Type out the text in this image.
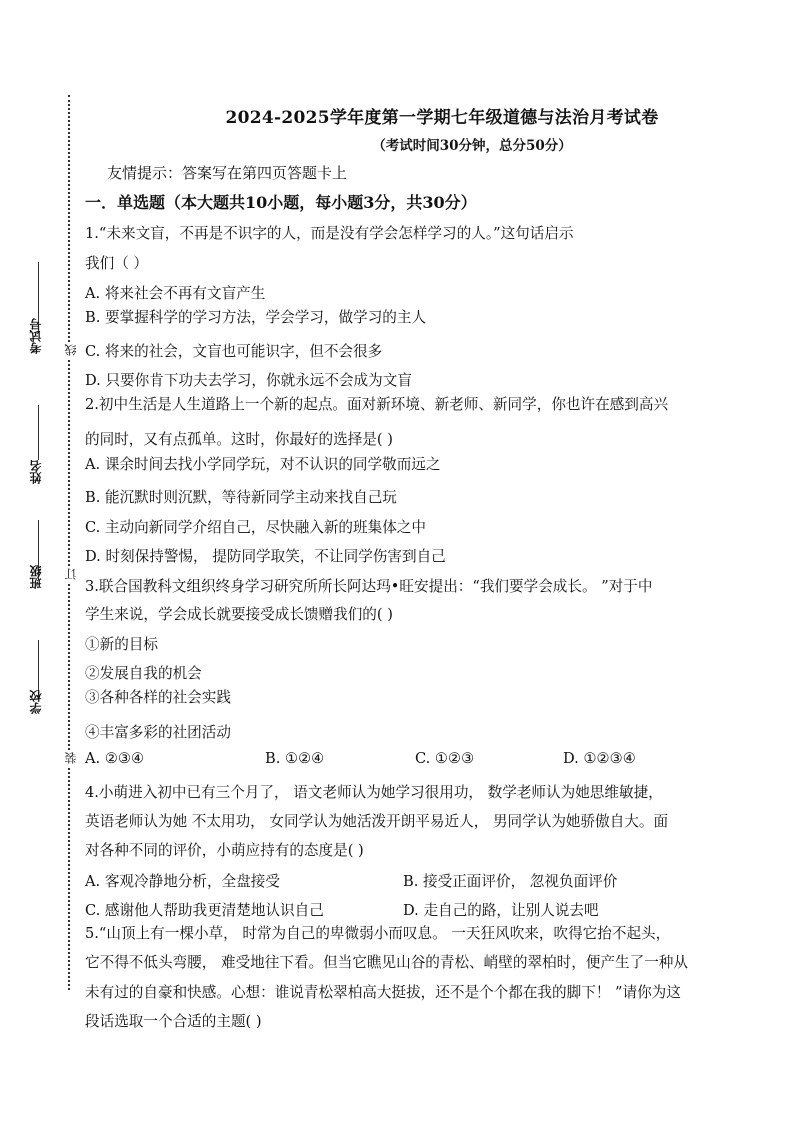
考试号
姓名
班级
学校
线
订
装
2024-2025学年度第一学期七年级道德与法治月考试卷
（考试时间30分钟，总分50分）
友情提示：答案写在第四页答题卡上
一．单选题（本大题共10小题，每小题3分，共30分）
1.“未来文盲，不再是不识字的人，而是没有学会怎样学习的人。”这句话启示
我们（ ）
A. 将来社会不再有文盲产生
B. 要掌握科学的学习方法，学会学习，做学习的主人
C. 将来的社会，文盲也可能识字，但不会很多
D. 只要你肯下功夫去学习，你就永远不会成为文盲
2.初中生活是人生道路上一个新的起点。面对新环境、新老师、新同学，你也许在感到高兴
的同时，又有点孤单。这时，你最好的选择是( )
A. 课余时间去找小学同学玩，对不认识的同学敬而远之
B. 能沉默时则沉默，等待新同学主动来找自己玩
C. 主动向新同学介绍自己，尽快融入新的班集体之中
D. 时刻保持警惕， 提防同学取笑，不让同学伤害到自己
3.联合国教科文组织终身学习研究所所长阿达玛•旺安提出：“我们要学会成长。 ”对于中
学生来说，学会成长就要接受成长馈赠我们的( )
①新的目标
②发展自我的机会
③各种各样的社会实践
④丰富多彩的社团活动
A. ②③④	B. ①②④	C. ①②③	D. ①②③④
4.小萌进入初中已有三个月了， 语文老师认为她学习很用功， 数学老师认为她思维敏捷，
英语老师认为她 不太用功， 女同学认为她活泼开朗平易近人， 男同学认为她骄傲自大。面
对各种不同的评价，小萌应持有的态度是( )
A. 客观冷静地分析，全盘接受	B. 接受正面评价， 忽视负面评价
C. 感谢他人帮助我更清楚地认识自己	D. 走自己的路，让别人说去吧
5.“山顶上有一棵小草， 时常为自己的卑微弱小而叹息。 一天狂风吹来，吹得它抬不起头，
它不得不低头弯腰， 难受地往下看。但当它瞧见山谷的青松、峭壁的翠柏时，便产生了一种从
未有过的自豪和快感。心想：谁说青松翠柏高大挺拔，还不是个个都在我的脚下！ ”请你为这
段话选取一个合适的主题( )
